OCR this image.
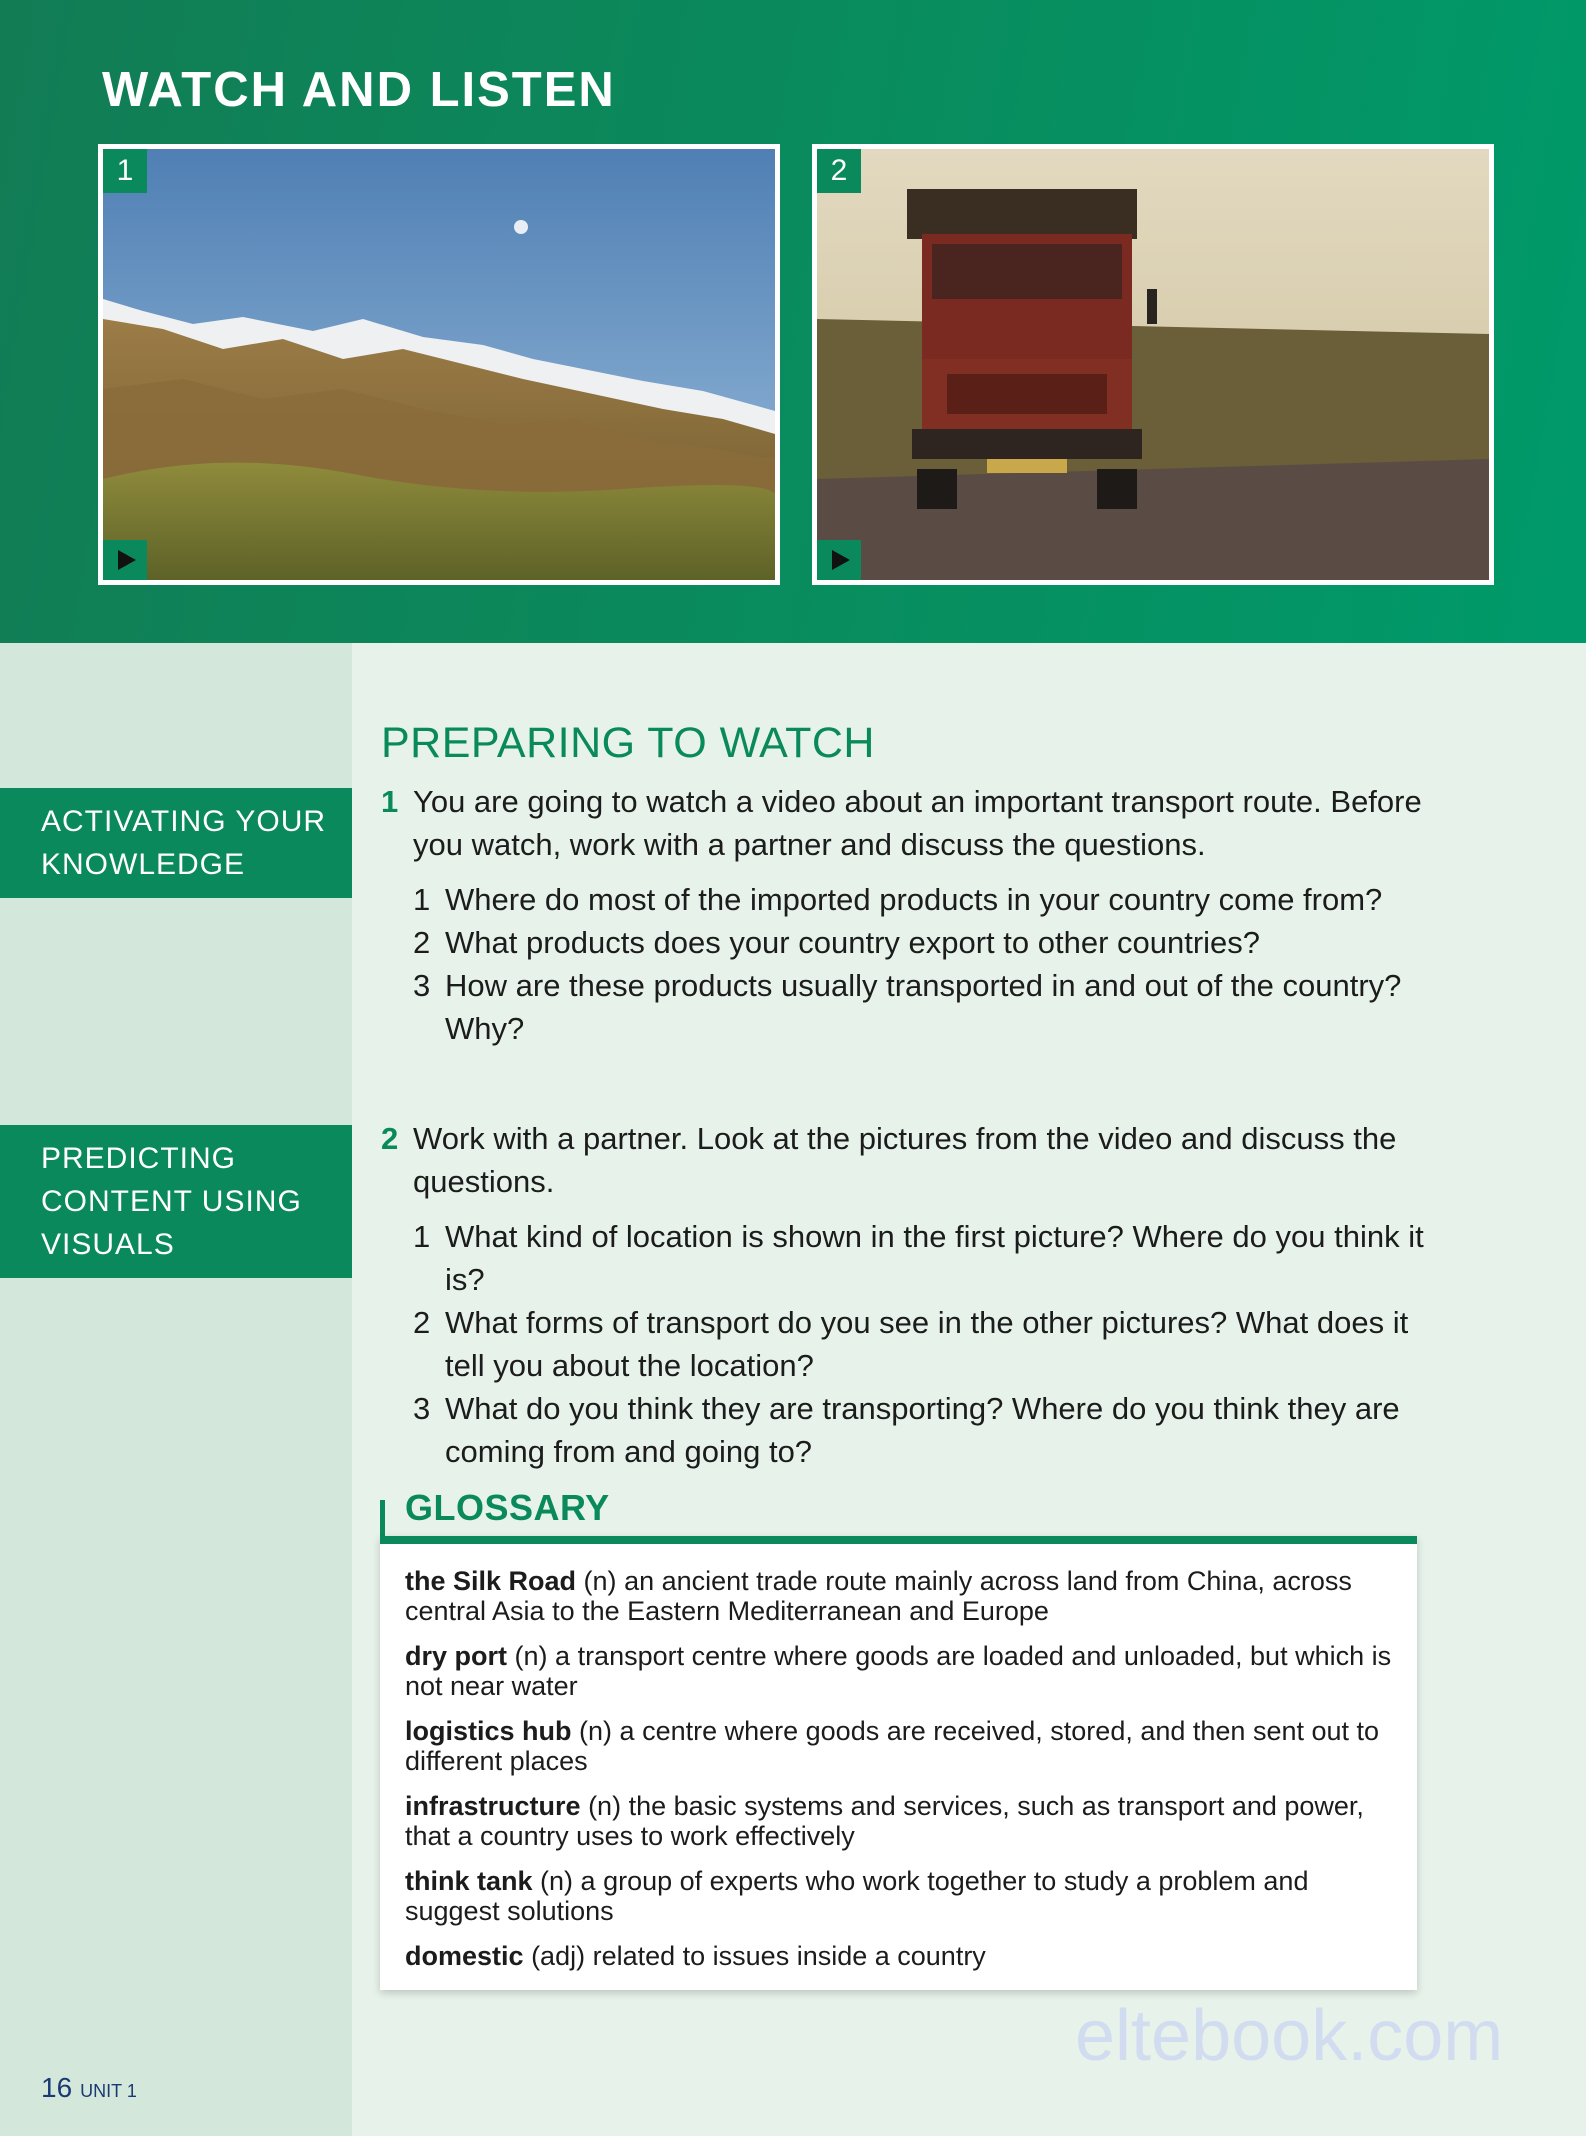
WATCH AND LISTEN
1	2
ACTIVATING YOUR
KNOWLEDGE
PREDICTING
CONTENT USING
VISUALS
PREPARING TO WATCH
1 You are going to watch a video about an important transport route. Before you watch, work with a partner and discuss the questions.
1 Where do most of the imported products in your country come from?
2 What products does your country export to other countries?
3 How are these products usually transported in and out of the country? Why?
2 Work with a partner. Look at the pictures from the video and discuss the questions.
1 What kind of location is shown in the first picture? Where do you think it is?
2 What forms of transport do you see in the other pictures? What does it tell you about the location?
3 What do you think they are transporting? Where do you think they are coming from and going to?
GLOSSARY
the Silk Road (n) an ancient trade route mainly across land from China, across central Asia to the Eastern Mediterranean and Europe
dry port (n) a transport centre where goods are loaded and unloaded, but which is not near water
logistics hub (n) a centre where goods are received, stored, and then sent out to different places
infrastructure (n) the basic systems and services, such as transport and power, that a country uses to work effectively
think tank (n) a group of experts who work together to study a problem and suggest solutions
domestic (adj) related to issues inside a country
16 UNIT 1
eltebook.com
